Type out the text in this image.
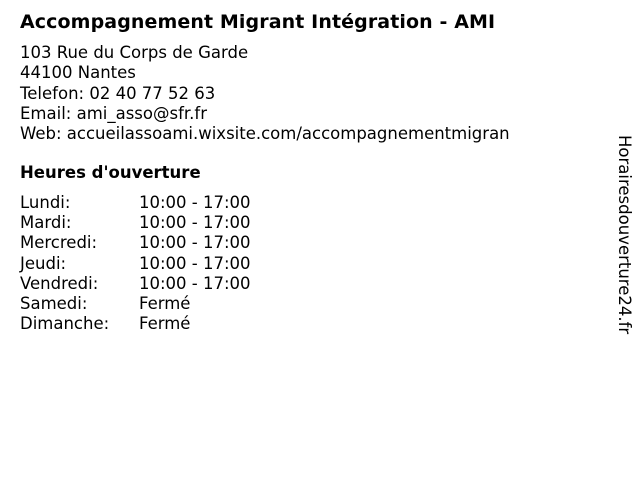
Accompagnement Migrant Intégration - AMI
103 Rue du Corps de Garde
44100 Nantes
Telefon: 02 40 77 52 63
Email: ami_asso@sfr.fr
Web: accueilassoami.wixsite.com/accompagnementmigran
Heures d'ouverture
Lundi:	10:00 - 17:00
Mardi:	10:00 - 17:00
Mercredi:	10:00 - 17:00
Jeudi:	10:00 - 17:00
Vendredi:	10:00 - 17:00
Samedi:	Fermé
Dimanche:	Fermé	Horairesdouverture24.fr
